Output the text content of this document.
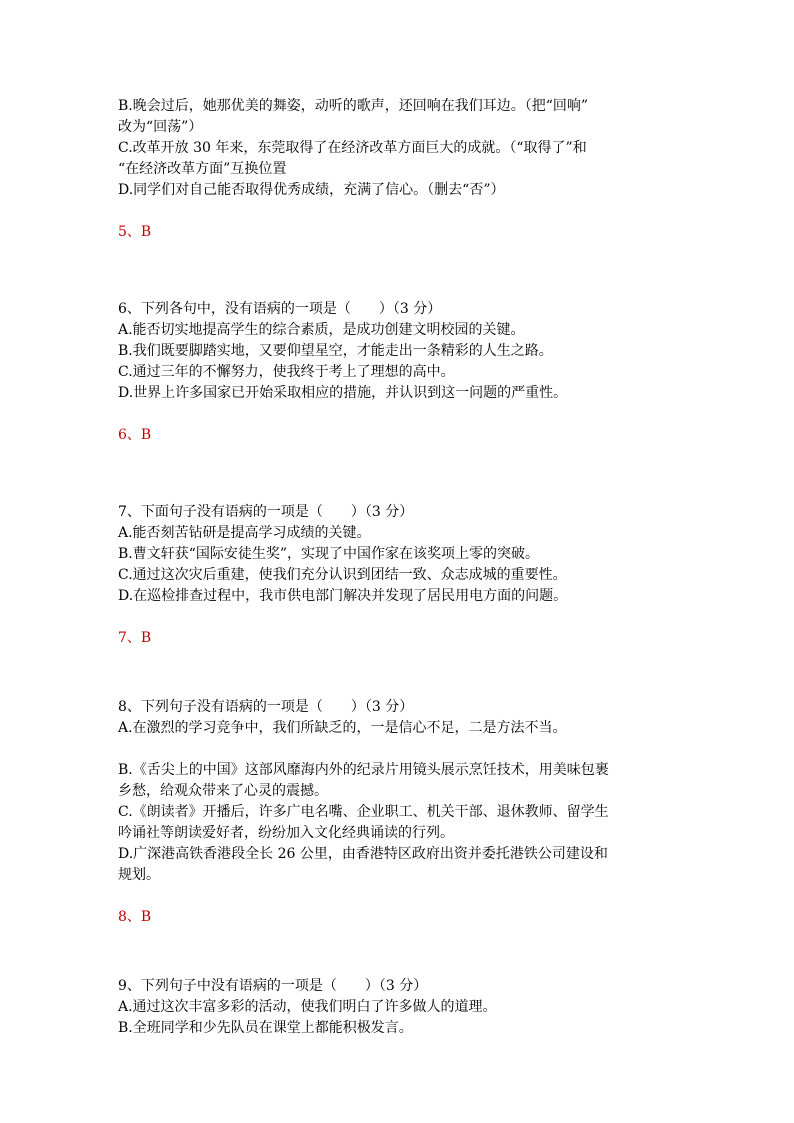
B.晚会过后，她那优美的舞姿，动听的歌声，还回响在我们耳边。（把“回响”
改为“回荡”）
C.改革开放 30 年来，东莞取得了在经济改革方面巨大的成就。（“取得了”和
“在经济改革方面”互换位置
D.同学们对自己能否取得优秀成绩，充满了信心。（删去“否”）
5、B
6、下列各句中，没有语病的一项是（　　）（3 分）
A.能否切实地提高学生的综合素质，是成功创建文明校园的关键。
B.我们既要脚踏实地，又要仰望星空，才能走出一条精彩的人生之路。
C.通过三年的不懈努力，使我终于考上了理想的高中。
D.世界上许多国家已开始采取相应的措施，并认识到这一问题的严重性。
6、B
7、下面句子没有语病的一项是（　　）（3 分）
A.能否刻苦钻研是提高学习成绩的关键。
B.曹文轩获“国际安徒生奖”，实现了中国作家在该奖项上零的突破。
C.通过这次灾后重建，使我们充分认识到团结一致、众志成城的重要性。
D.在巡检排查过程中，我市供电部门解决并发现了居民用电方面的问题。
7、B
8、下列句子没有语病的一项是（　　）（3 分）
A.在激烈的学习竞争中，我们所缺乏的，一是信心不足，二是方法不当。
B.《舌尖上的中国》这部风靡海内外的纪录片用镜头展示烹饪技术，用美味包裹
乡愁，给观众带来了心灵的震撼。
C.《朗读者》开播后，许多广电名嘴、企业职工、机关干部、退休教师、留学生
吟诵社等朗读爱好者，纷纷加入文化经典诵读的行列。
D.广深港高铁香港段全长 26 公里，由香港特区政府出资并委托港铁公司建设和
规划。
8、B
9、下列句子中没有语病的一项是（　　）（3 分）
A.通过这次丰富多彩的活动，使我们明白了许多做人的道理。
B.全班同学和少先队员在课堂上都能积极发言。
